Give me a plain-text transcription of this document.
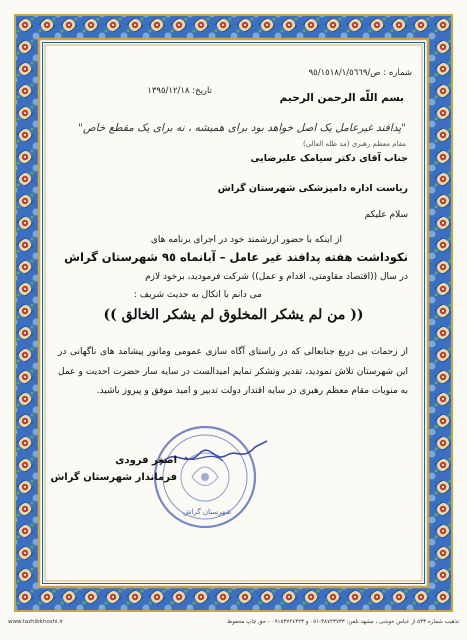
شماره : ص/٩٥/١٥١٨/١/٥٦٦٩
تاریخ: ١٣٩٥/١٢/١٨
بسم اللّه الرحمن الرحیم
"پدافند غیرعامل یک اصل خواهد بود برای همیشه ، نه برای یک مقطع خاص"
مقام معظم رهبری (مد ظله العالی)
جناب آقای دکتر سیامک علیرضایی
ریاست اداره دامپزشکی شهرستان گراش
سلام علیکم
از اینکه با حضور ارزشمند خود در اجرای برنامه های
نکوداشت هفته پدافند غیر عامل – آبانماه ٩٥ شهرستان گراش
در سال ((اقتصاد مقاومتی، اقدام و عمل)) شرکت فرمودید، برخود لازم
می دانم با اتکال به حدیث شریف :
(( من لم یشکر المخلوق لم یشکر الخالق ))
از زحمات بی دریغ جنابعالی که در راستای آگاه سازی عمومی ومانور پیشامد های ناگهانی در این شهرستان تلاش نمودید، تقدیر وتشکر نمایم امیدالست در سایه سار حضرت احدیت و عمل به منویات مقام معظم رهبری در سایه اقتدار دولت تدبیر و امید موفق و پیروز باشید.
شهرستان گراش
اصغر فرودی
فرماندار شهرستان گراش
تذهیب شماره ٥٣٣ از عباس خوشی ، مشهد تلفن: ٣٨٧٢٣٧٣٣-٠٥١ و ٠٩١٥٣٧٢٤٣٢٣ - حق چاپ محفوظ
www.tazhibkhoshi.ir
